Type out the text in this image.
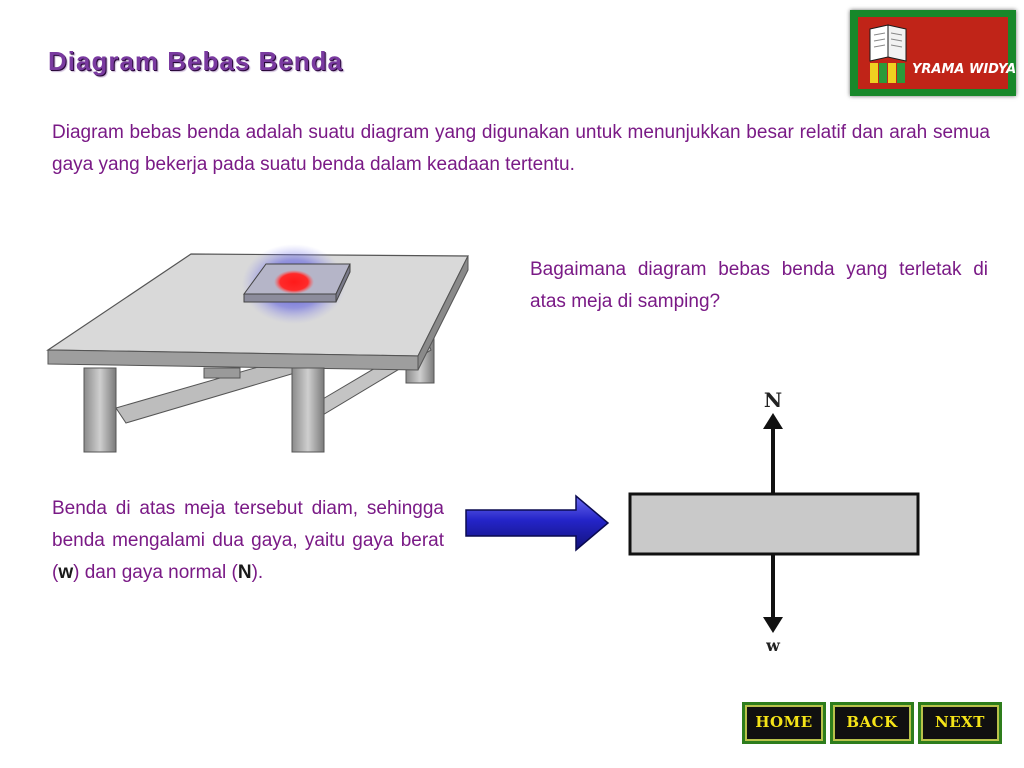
Diagram Bebas Benda	YRAMA WIDYA
Diagram bebas benda adalah suatu diagram yang digunakan untuk menunjukkan besar relatif dan arah semua gaya yang bekerja pada suatu benda dalam keadaan tertentu.
Bagaimana diagram bebas benda yang terletak di atas meja di samping?
Benda di atas meja tersebut diam, sehingga benda mengalami dua gaya, yaitu gaya berat (w) dan gaya normal (N).
N
w
HOME	BACK	NEXT
